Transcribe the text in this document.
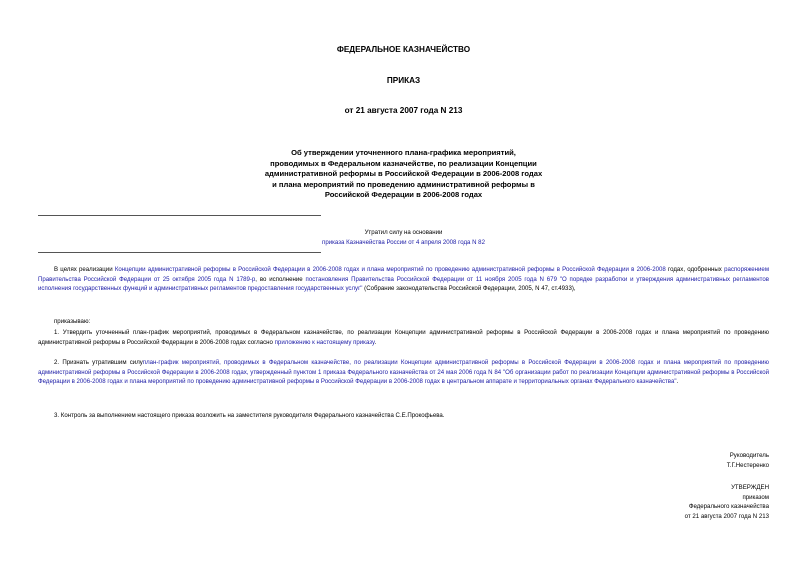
ФЕДЕРАЛЬНОЕ КАЗНАЧЕЙСТВО
ПРИКАЗ
от 21 августа 2007 года N 213
Об утверждении уточненного плана-графика мероприятий,
проводимых в Федеральном казначействе, по реализации Концепции
административной реформы в Российской Федерации в 2006-2008 годах
и плана мероприятий по проведению административной реформы в
Российской Федерации в 2006-2008 годах
Утратил силу на основании
приказа Казначейства России от 4 апреля 2008 года N 82
В целях реализации Концепции административной реформы в Российской Федерации в 2006-2008 годах и плана мероприятий по проведению административной реформы в Российской Федерации в 2006-2008 годах, одобренных распоряжением Правительства Российской Федерации от 25 октября 2005 года N 1789-р, во исполнение постановления Правительства Российской Федерации от 11 ноября 2005 года N 679 "О порядке разработки и утверждения административных регламентов исполнения государственных функций и административных регламентов предоставления государственных услуг" (Собрание законодательства Российской Федерации, 2005, N 47, ст.4933),
приказываю:
1. Утвердить уточненный план-график мероприятий, проводимых в Федеральном казначействе, по реализации Концепции административной реформы в Российской Федерации в 2006-2008 годах и плана мероприятий по проведению административной реформы в Российской Федерации в 2006-2008 годах согласно приложению к настоящему приказу.
2. Признать утратившим силуплан-график мероприятий, проводимых в Федеральном казначействе, по реализации Концепции административной реформы в Российской Федерации в 2006-2008 годах и плана мероприятий по проведению административной реформы в Российской Федерации в 2006-2008 годах, утвержденный пунктом 1 приказа Федерального казначейства от 24 мая 2006 года N 84 "Об организации работ по реализации Концепции административной реформы в Российской Федерации в 2006-2008 годах и плана мероприятий по проведению административной реформы в Российской Федерации в 2006-2008 годах в центральном аппарате и территориальных органах Федерального казначейства".
3. Контроль за выполнением настоящего приказа возложить на заместителя руководителя Федерального казначейства С.Е.Прокофьева.
Руководитель
Т.Г.Нестеренко
УТВЕРЖДЕН
приказом
Федерального казначейства
от 21 августа 2007 года N 213
